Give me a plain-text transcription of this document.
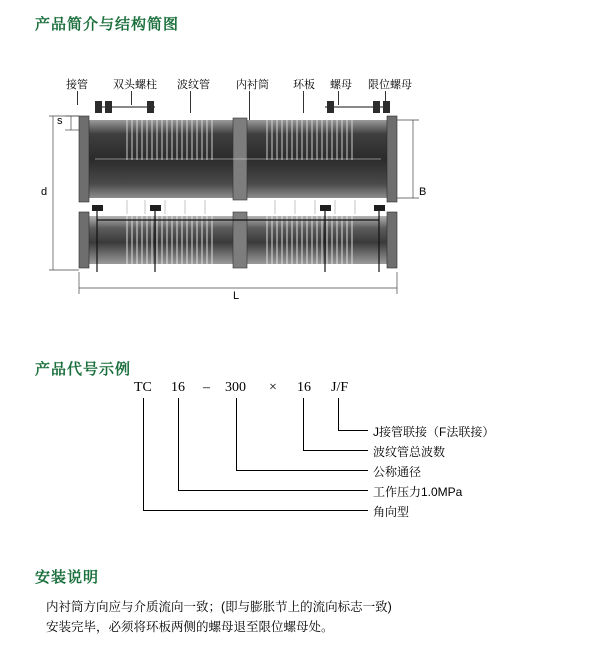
产品简介与结构简图
接管 双头螺柱 波纹管 内衬筒 环板 螺母 限位螺母
s
d	B
L
产品代号示例
TC 16 – 300 × 16 J/F
J接管联接（F法联接）
波纹管总波数
公称通径
工作压力1.0MPa
角向型
安装说明
内衬筒方向应与介质流向一致；(即与膨胀节上的流向标志一致)
安装完毕，必须将环板两侧的螺母退至限位螺母处。
